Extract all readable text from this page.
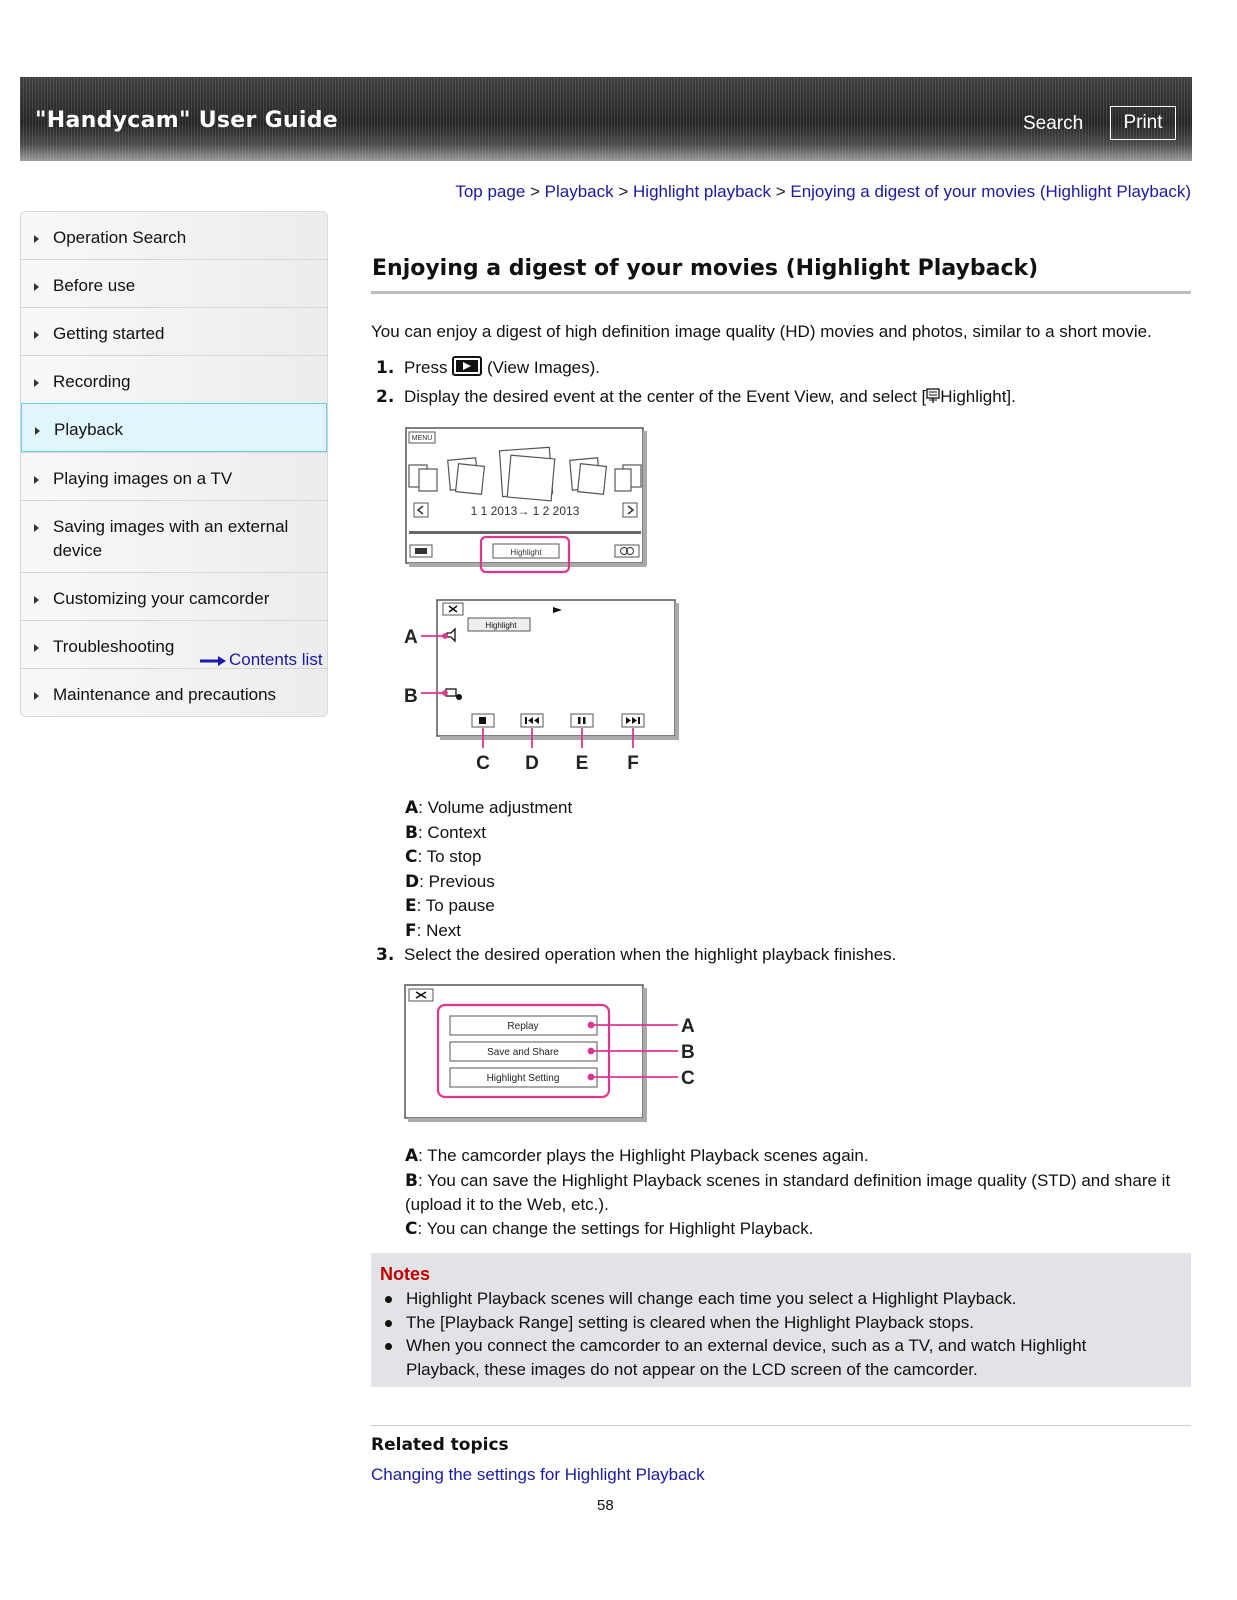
"Handycam" User Guide	Search	Print
Operation Search
Before use
Getting started
Recording
Playback
Playing images on a TV
Saving images with an external device
Customizing your camcorder
Troubleshooting
Maintenance and precautions
Contents list
Top page > Playback > Highlight playback > Enjoying a digest of your movies (Highlight Playback)
Enjoying a digest of your movies (Highlight Playback)
You can enjoy a digest of high definition image quality (HD) movies and photos, similar to a short movie.
1. Press (View Images).
2. Display the desired event at the center of the Event View, and select [ Highlight].
MENU
1 1 2013→ 1 2 2013
Highlight
Highlight
A
B
C D E F
A: Volume adjustment
B: Context
C: To stop
D: Previous
E: To pause
F: Next
3. Select the desired operation when the highlight playback finishes.
Replay
Save and Share
Highlight Setting
A
B
C
A: The camcorder plays the Highlight Playback scenes again.
B: You can save the Highlight Playback scenes in standard definition image quality (STD) and share it (upload it to the Web, etc.).
C: You can change the settings for Highlight Playback.
Notes
Highlight Playback scenes will change each time you select a Highlight Playback.
The [Playback Range] setting is cleared when the Highlight Playback stops.
When you connect the camcorder to an external device, such as a TV, and watch Highlight Playback, these images do not appear on the LCD screen of the camcorder.
Related topics
Changing the settings for Highlight Playback
58
